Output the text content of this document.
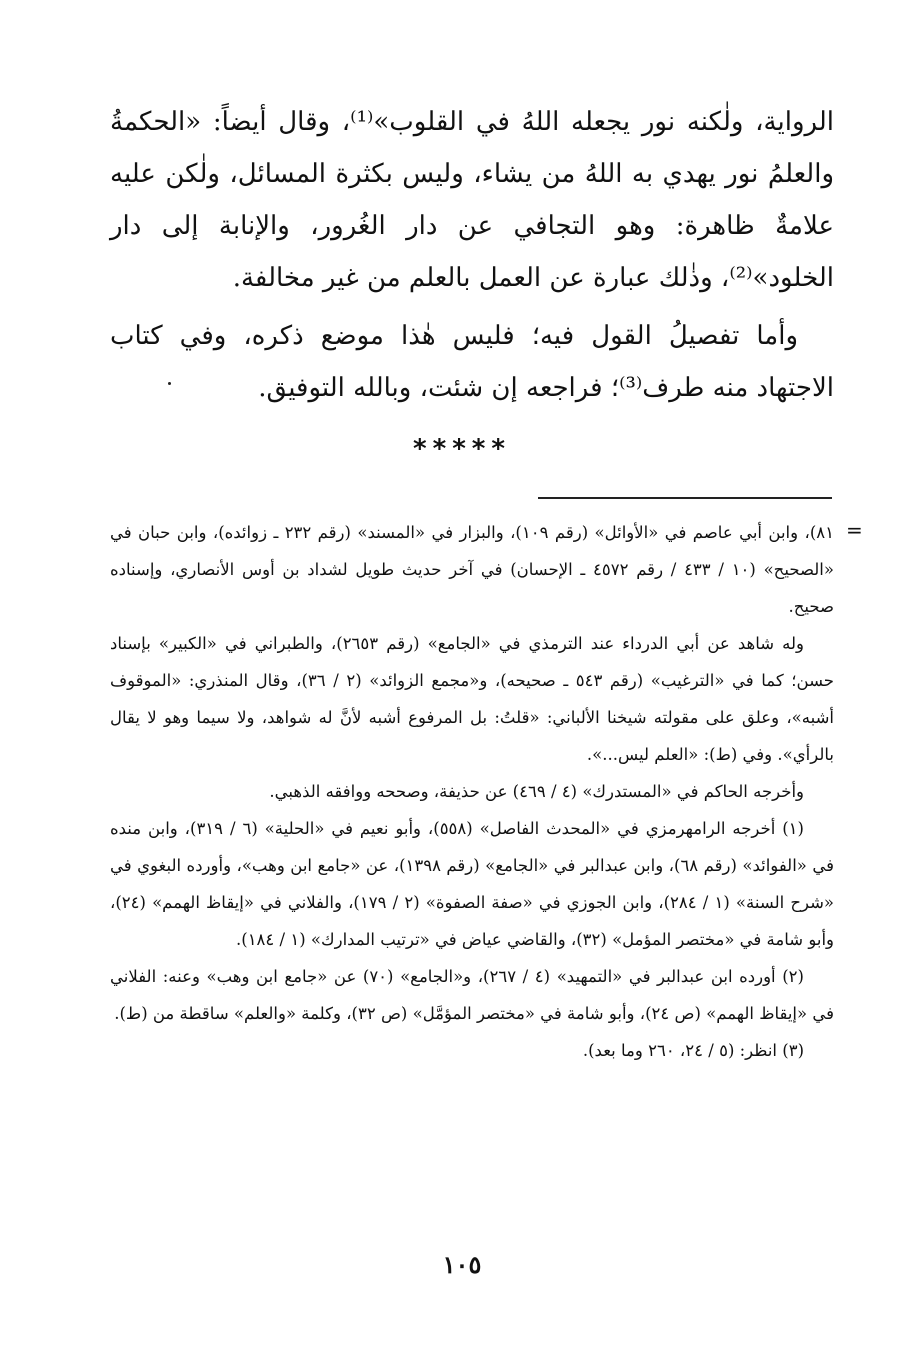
الرواية، ولٰكنه نور يجعله اللهُ في القلوب»⁽¹⁾، وقال أيضاً: «الحكمةُ والعلمُ نور يهدي به اللهُ من يشاء، وليس بكثرة المسائل، ولٰكن عليه علامةٌ ظاهرة: وهو التجافي عن دار الغُرور، والإنابة إلى دار الخلود»⁽²⁾، وذٰلك عبارة عن العمل بالعلم من غير مخالفة.

وأما تفصيلُ القول فيه؛ فليس هٰذا موضع ذكره، وفي كتاب الاجتهاد منه طرف⁽³⁾؛ فراجعه إن شئت، وبالله التوفيق.

*****
=

٨١)، وابن أبي عاصم في «الأوائل» (رقم ١٠٩)، والبزار في «المسند» (رقم ٢٣٢ ـ زوائده)، وابن حبان في «الصحيح» (١٠ / ٤٣٣ / رقم ٤٥٧٢ ـ الإحسان) في آخر حديث طويل لشداد بن أوس الأنصاري، وإسناده صحيح.

وله شاهد عن أبي الدرداء عند الترمذي في «الجامع» (رقم ٢٦٥٣)، والطبراني في «الكبير» بإسناد حسن؛ كما في «الترغيب» (رقم ٥٤٣ ـ صحيحه)، و«مجمع الزوائد» (٢ / ٣٦)، وقال المنذري: «الموقوف أشبه»، وعلق على مقولته شيخنا الألباني: «قلتُ: بل المرفوع أشبه لأنَّ له شواهد، ولا سيما وهو لا يقال بالرأي». وفي (ط): «العلم ليس...».

وأخرجه الحاكم في «المستدرك» (٤ / ٤٦٩) عن حذيفة، وصححه ووافقه الذهبي.

(١) أخرجه الرامهرمزي في «المحدث الفاصل» (٥٥٨)، وأبو نعيم في «الحلية» (٦ / ٣١٩)، وابن منده في «الفوائد» (رقم ٦٨)، وابن عبدالبر في «الجامع» (رقم ١٣٩٨)، عن «جامع ابن وهب»، وأورده البغوي في «شرح السنة» (١ / ٢٨٤)، وابن الجوزي في «صفة الصفوة» (٢ / ١٧٩)، والفلاني في «إيقاظ الهمم» (٢٤)، وأبو شامة في «مختصر المؤمل» (٣٢)، والقاضي عياض في «ترتيب المدارك» (١ / ١٨٤).

(٢) أورده ابن عبدالبر في «التمهيد» (٤ / ٢٦٧)، و«الجامع» (٧٠) عن «جامع ابن وهب» وعنه: الفلاني في «إيقاظ الهمم» (ص ٢٤)، وأبو شامة في «مختصر المؤمَّل» (ص ٣٢)، وكلمة «والعلم» ساقطة من (ط).

(٣) انظر: (٥ / ٢٤، ٢٦٠ وما بعد).

١٠٥
